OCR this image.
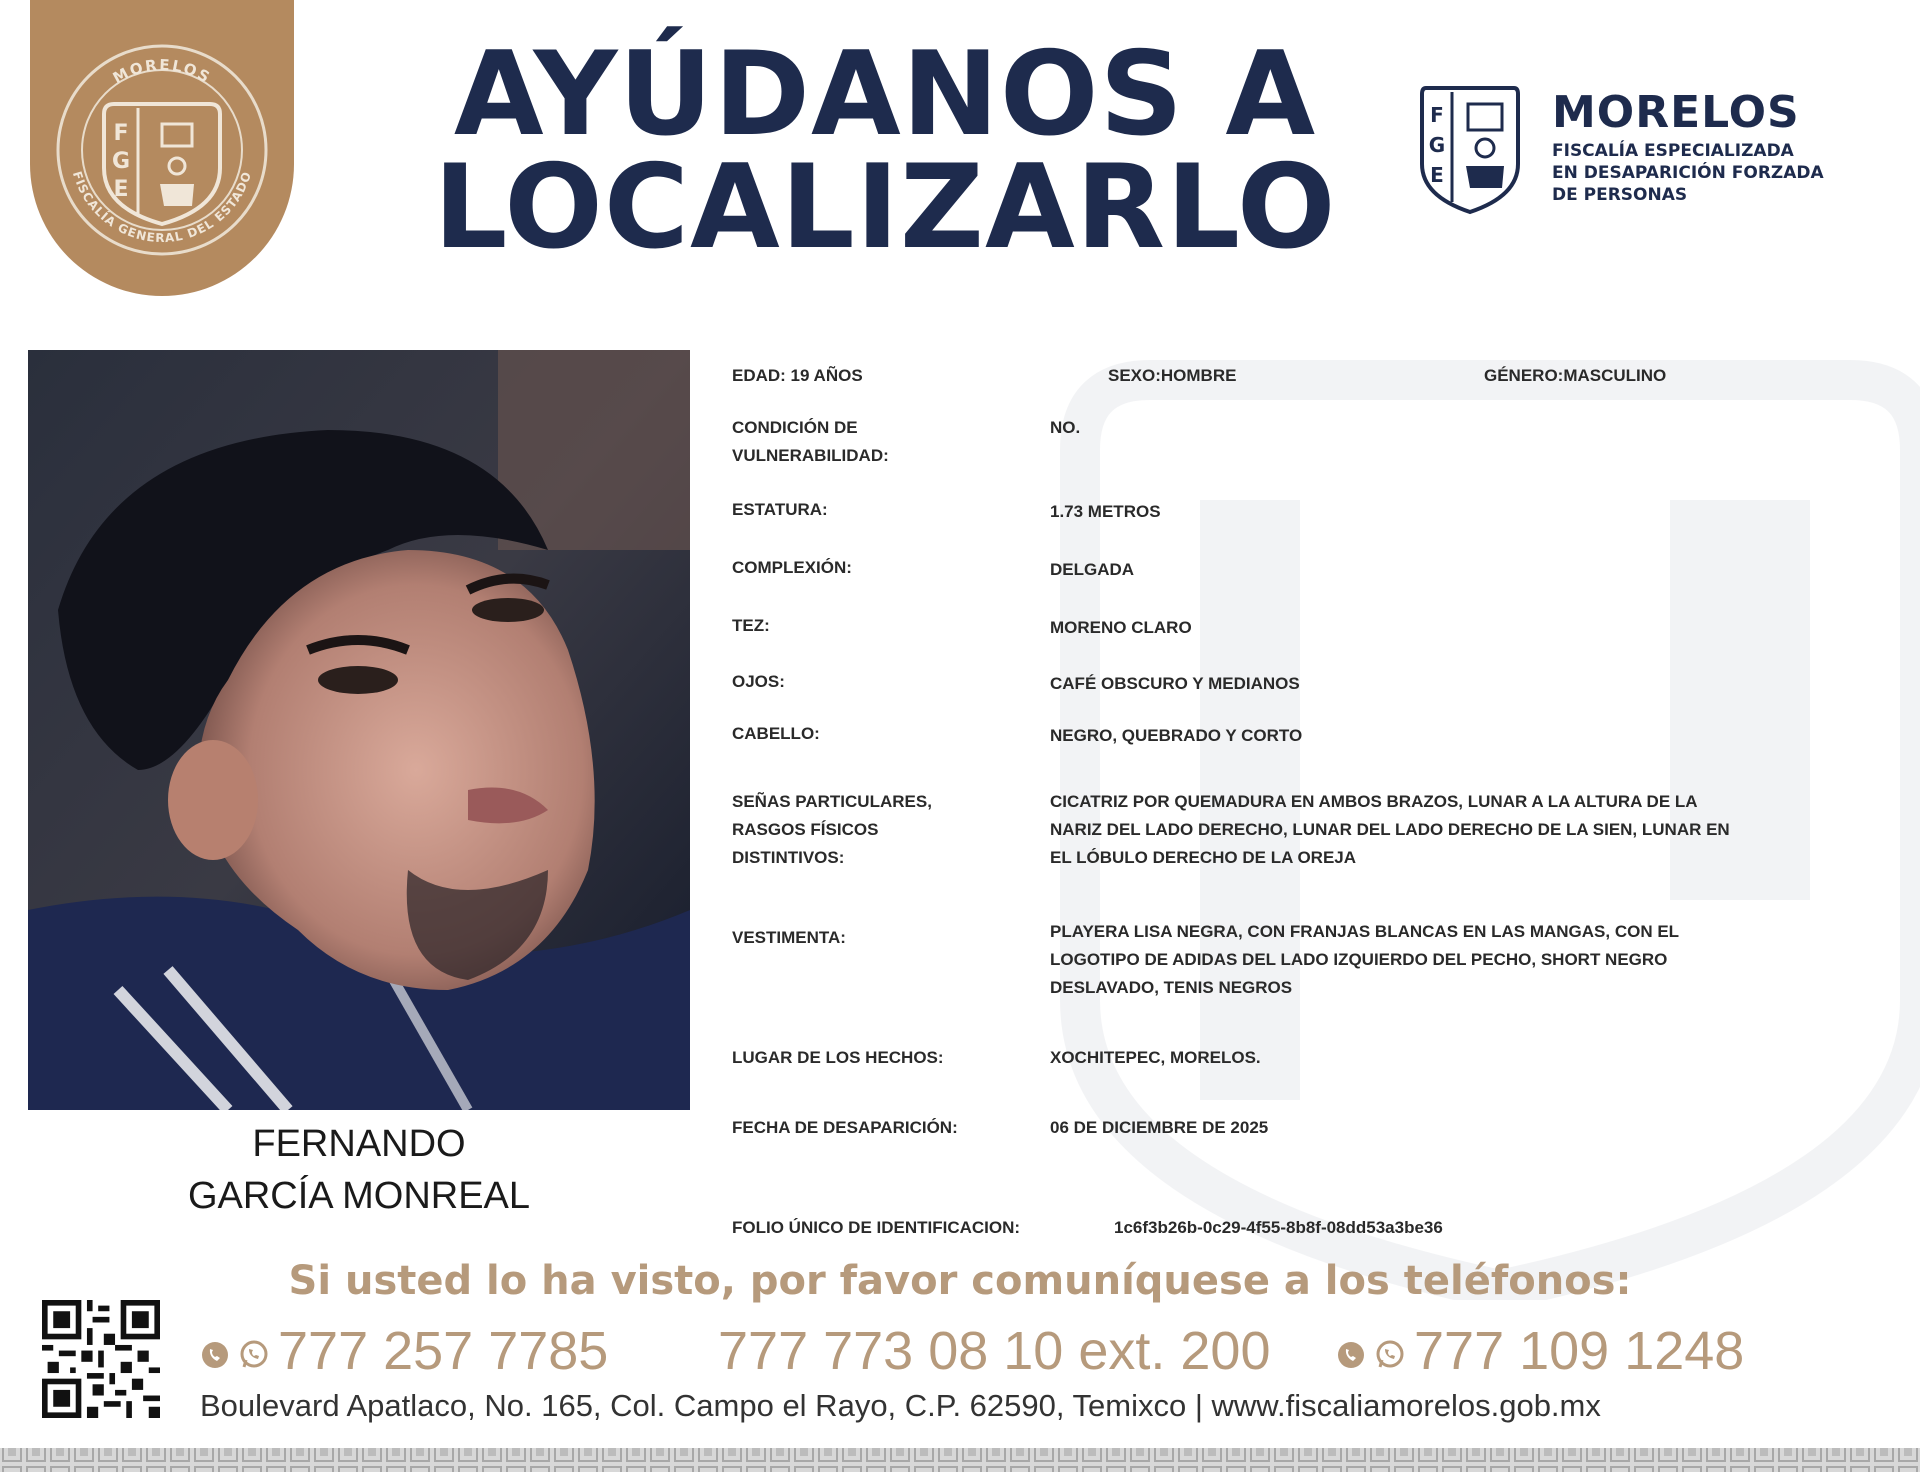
MORELOS
FISCALÍA GENERAL DEL ESTADO
F
G
E
AYÚDANOS A
LOCALIZARLO
F
G
E
MORELOS
FISCALÍA ESPECIALIZADA
EN DESAPARICIÓN FORZADA
DE PERSONAS
FERNANDO
GARCÍA MONREAL
EDAD: 19 AÑOS	SEXO:HOMBRE	GÉNERO:MASCULINO
CONDICIÓN DE
VULNERABILIDAD:
NO.
ESTATURA:	1.73 METROS
COMPLEXIÓN:	DELGADA
TEZ:	MORENO CLARO
OJOS:	CAFÉ OBSCURO Y MEDIANOS
CABELLO:	NEGRO, QUEBRADO Y CORTO
SEÑAS PARTICULARES,
RASGOS FÍSICOS
DISTINTIVOS:
CICATRIZ POR QUEMADURA EN AMBOS BRAZOS, LUNAR A LA ALTURA DE LA
NARIZ DEL LADO DERECHO, LUNAR DEL LADO DERECHO DE LA SIEN, LUNAR EN
EL LÓBULO DERECHO DE LA OREJA
VESTIMENTA:	PLAYERA LISA NEGRA, CON FRANJAS BLANCAS EN LAS MANGAS, CON EL
LOGOTIPO DE ADIDAS DEL LADO IZQUIERDO DEL PECHO, SHORT NEGRO
DESLAVADO, TENIS NEGROS
LUGAR DE LOS HECHOS:	XOCHITEPEC, MORELOS.
FECHA DE DESAPARICIÓN:	06 DE DICIEMBRE DE 2025
FOLIO ÚNICO DE IDENTIFICACION:	1c6f3b26b-0c29-4f55-8b8f-08dd53a3be36
Si usted lo ha visto, por favor comuníquese a los teléfonos:
777 257 7785 777 773 08 10 ext. 200	777 109 1248
Boulevard Apatlaco, No. 165, Col. Campo el Rayo, C.P. 62590, Temixco | www.fiscaliamorelos.gob.mx
